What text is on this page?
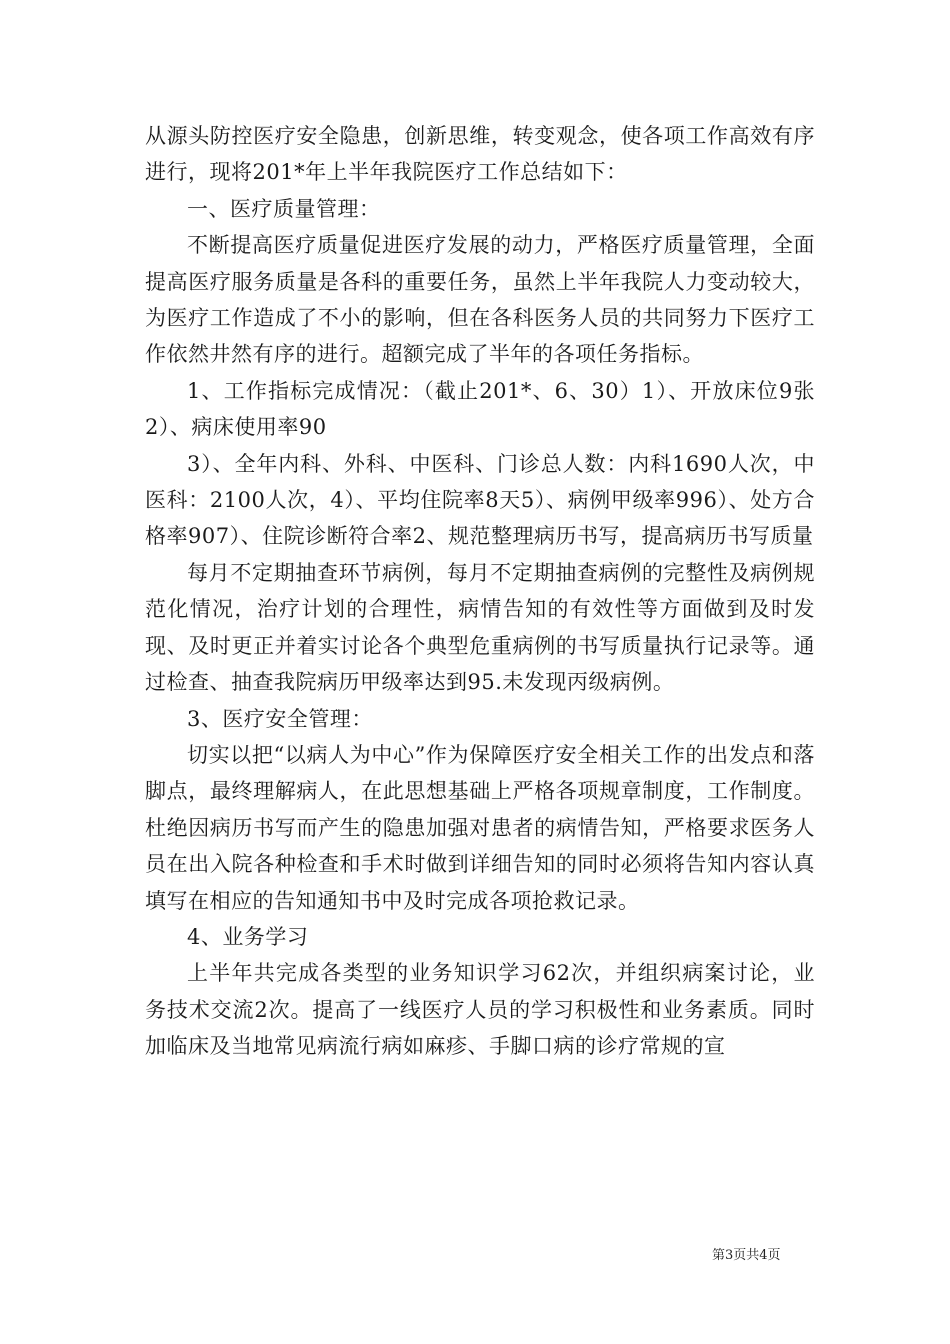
从源头防控医疗安全隐患，创新思维，转变观念，使各项工作高效有序进行，现将201*年上半年我院医疗工作总结如下：

一、医疗质量管理：

不断提高医疗质量促进医疗发展的动力，严格医疗质量管理，全面提高医疗服务质量是各科的重要任务，虽然上半年我院人力变动较大，为医疗工作造成了不小的影响，但在各科医务人员的共同努力下医疗工作依然井然有序的进行。超额完成了半年的各项任务指标。

1、工作指标完成情况：（截止201*、6、30）1）、开放床位9张2）、病床使用率90

3）、全年内科、外科、中医科、门诊总人数：内科1690人次，中医科：2100人次，4）、平均住院率8天5）、病例甲级率996）、处方合格率907）、住院诊断符合率2、规范整理病历书写，提高病历书写质量

每月不定期抽查环节病例，每月不定期抽查病例的完整性及病例规范化情况，治疗计划的合理性，病情告知的有效性等方面做到及时发现、及时更正并着实讨论各个典型危重病例的书写质量执行记录等。通过检查、抽查我院病历甲级率达到95.未发现丙级病例。

3、医疗安全管理：

切实以把“以病人为中心”作为保障医疗安全相关工作的出发点和落脚点，最终理解病人，在此思想基础上严格各项规章制度，工作制度。杜绝因病历书写而产生的隐患加强对患者的病情告知，严格要求医务人员在出入院各种检查和手术时做到详细告知的同时必须将告知内容认真填写在相应的告知通知书中及时完成各项抢救记录。

4、业务学习

上半年共完成各类型的业务知识学习62次，并组织病案讨论，业务技术交流2次。提高了一线医疗人员的学习积极性和业务素质。同时加临床及当地常见病流行病如麻疹、手脚口病的诊疗常规的宣

第3页共4页
